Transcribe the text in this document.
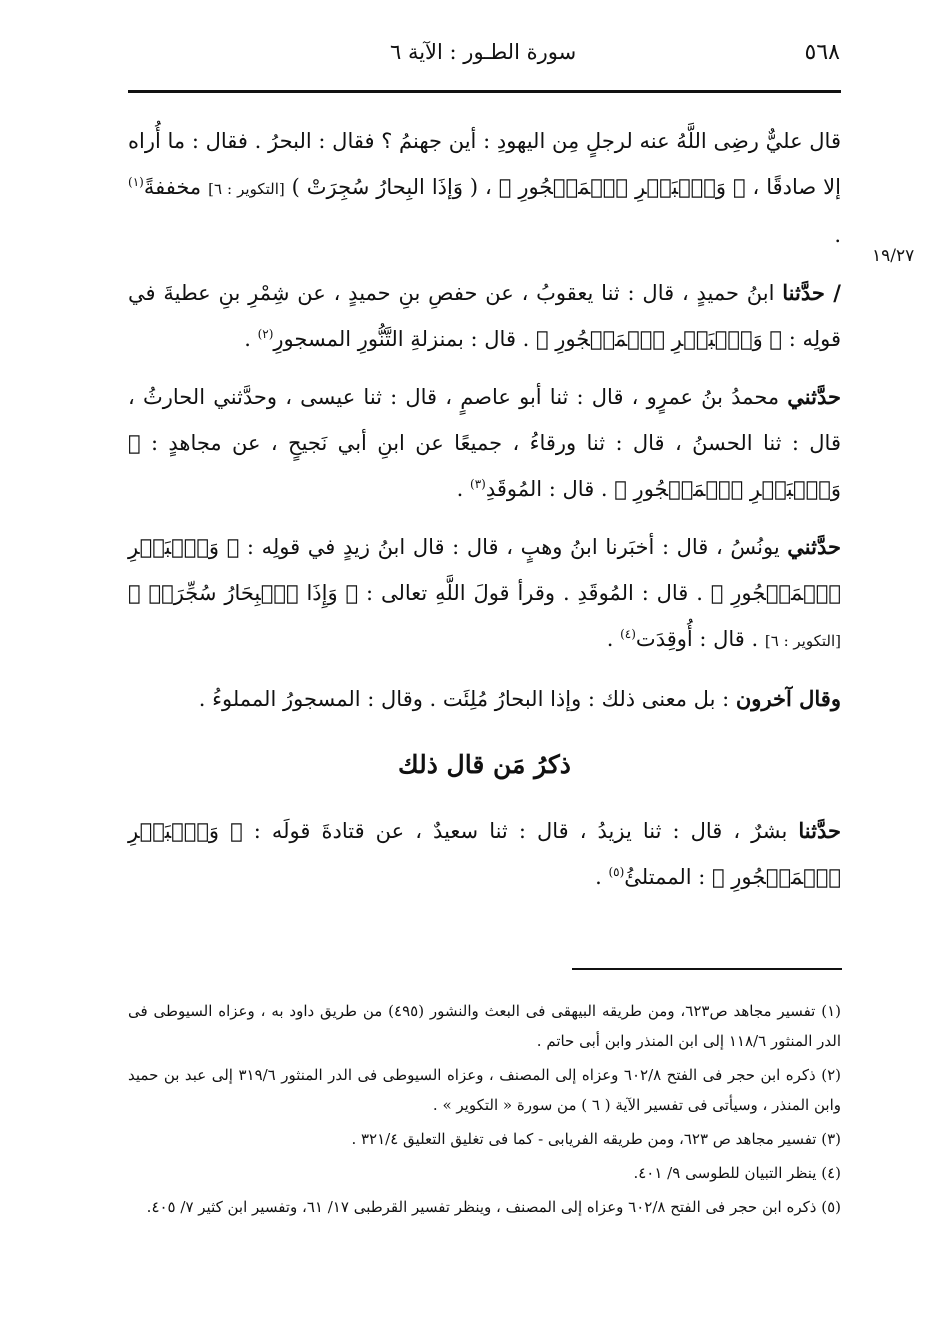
٥٦٨
سورة الطـور : الآية ٦
١٩/٢٧

قال عليٌّ رضِى اللَّهُ عنه لرجلٍ مِن اليهودِ : أين جهنمُ ؟ فقال : البحرُ . فقال : ما أُراه إلا صادقًا ، ﴿ وَٱلۡبَحۡرِ ٱلۡمَسۡجُورِ ﴾ ، ( وَإذَا البِحارُ سُجِرَتْ ) [التكوير : ٦] مخففةً$^{(١)}$ .

/ حدَّثنا ابنُ حميدٍ ، قال : ثنا يعقوبُ ، عن حفصِ بنِ حميدٍ ، عن شِمْرِ بنِ عطيةَ في قولِه : ﴿ وَٱلۡبَحۡرِ ٱلۡمَسۡجُورِ ﴾ . قال : بمنزلةِ التَّنُّورِ المسجورِ$^{(٢)}$ .

حدَّثني محمدُ بنُ عمرٍو ، قال : ثنا أبو عاصمٍ ، قال : ثنا عيسى ، وحدَّثني الحارثُ ، قال : ثنا الحسنُ ، قال : ثنا ورقاءُ ، جميعًا عن ابنِ أبي نَجيحٍ ، عن مجاهدٍ : ﴿ وَٱلۡبَحۡرِ ٱلۡمَسۡجُورِ ﴾ . قال : المُوقَدِ$^{(٣)}$ .

حدَّثني يونُسُ ، قال : أخبَرنا ابنُ وهبٍ ، قال : قال ابنُ زيدٍ في قولِه : ﴿ وَٱلۡبَحۡرِ ٱلۡمَسۡجُورِ ﴾ . قال : المُوقَدِ . وقرأ قولَ اللَّهِ تعالى : ﴿ وَإِذَا ٱلۡبِحَارُ سُجِّرَتۡ ﴾ [التكوير : ٦] . قال : أُوقِدَت$^{(٤)}$ .

وقال آخرون : بل معنى ذلك : وإذا البحارُ مُلِئَت . وقال : المسجورُ المملوءُ .

ذكرُ مَن قال ذلك

حدَّثنا بشرٌ ، قال : ثنا يزيدُ ، قال : ثنا سعيدٌ ، عن قتادةَ قولَه : ﴿ وَٱلۡبَحۡرِ ٱلۡمَسۡجُورِ ﴾ : الممتلئُ$^{(٥)}$ .

(١) تفسير مجاهد ص٦٢٣، ومن طريقه البيهقى فى البعث والنشور (٤٩٥) من طريق داود به ، وعزاه السيوطى فى الدر المنثور ١١٨/٦ إلى ابن المنذر وابن أبى حاتم .

(٢) ذكره ابن حجر فى الفتح ٦٠٢/٨ وعزاه إلى المصنف ، وعزاه السيوطى فى الدر المنثور ٣١٩/٦ إلى عبد بن حميد وابن المنذر ، وسيأتى فى تفسير الآية ( ٦ ) من سورة « التكوير » .

(٣) تفسير مجاهد ص ٦٢٣، ومن طريقه الفريابى - كما فى تغليق التعليق ٣٢١/٤ .

(٤) ينظر التبيان للطوسى ٩/ ٤٠١.

(٥) ذكره ابن حجر فى الفتح ٦٠٢/٨ وعزاه إلى المصنف ، وينظر تفسير القرطبى ١٧/ ٦١، وتفسير ابن كثير ٧/ ٤٠٥.
